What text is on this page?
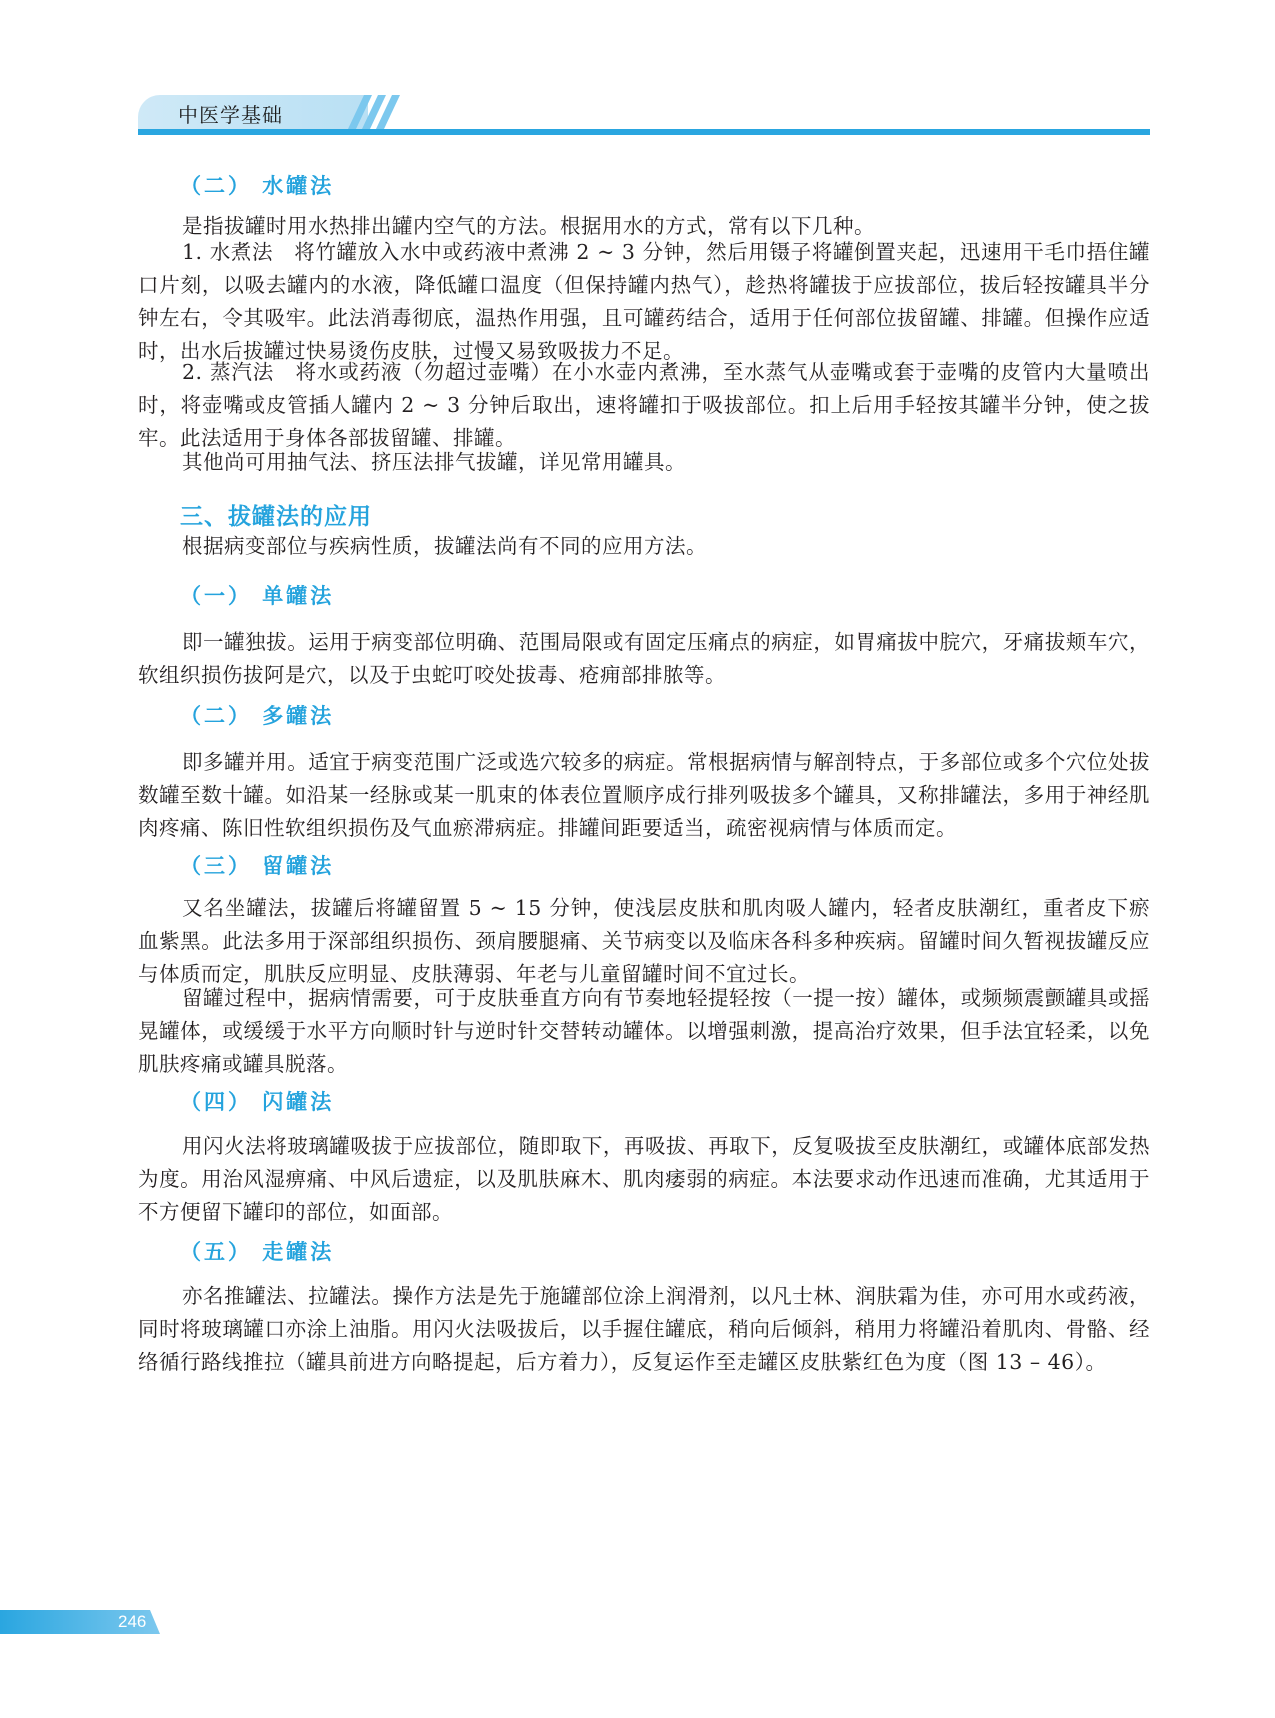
中医学基础
（二） 水罐法

是指拔罐时用水热排出罐内空气的方法。根据用水的方式，常有以下几种。

1. 水煮法　将竹罐放入水中或药液中煮沸 2 ~ 3 分钟，然后用镊子将罐倒置夹起，迅速用干毛巾捂住罐口片刻，以吸去罐内的水液，降低罐口温度（但保持罐内热气），趁热将罐拔于应拔部位，拔后轻按罐具半分钟左右，令其吸牢。此法消毒彻底，温热作用强，且可罐药结合，适用于任何部位拔留罐、排罐。但操作应适时，出水后拔罐过快易烫伤皮肤，过慢又易致吸拔力不足。

2. 蒸汽法　将水或药液（勿超过壶嘴）在小水壶内煮沸，至水蒸气从壶嘴或套于壶嘴的皮管内大量喷出时，将壶嘴或皮管插人罐内 2 ~ 3 分钟后取出，速将罐扣于吸拔部位。扣上后用手轻按其罐半分钟，使之拔牢。此法适用于身体各部拔留罐、排罐。

其他尚可用抽气法、挤压法排气拔罐，详见常用罐具。

三、拔罐法的应用

根据病变部位与疾病性质，拔罐法尚有不同的应用方法。

（一） 单罐法

即一罐独拔。运用于病变部位明确、范围局限或有固定压痛点的病症，如胃痛拔中脘穴，牙痛拔颊车穴，软组织损伤拔阿是穴，以及于虫蛇叮咬处拔毒、疮痈部排脓等。

（二） 多罐法

即多罐并用。适宜于病变范围广泛或选穴较多的病症。常根据病情与解剖特点，于多部位或多个穴位处拔数罐至数十罐。如沿某一经脉或某一肌束的体表位置顺序成行排列吸拔多个罐具，又称排罐法，多用于神经肌肉疼痛、陈旧性软组织损伤及气血瘀滞病症。排罐间距要适当，疏密视病情与体质而定。

（三） 留罐法

又名坐罐法，拔罐后将罐留置 5 ~ 15 分钟，使浅层皮肤和肌肉吸人罐内，轻者皮肤潮红，重者皮下瘀血紫黑。此法多用于深部组织损伤、颈肩腰腿痛、关节病变以及临床各科多种疾病。留罐时间久暂视拔罐反应与体质而定，肌肤反应明显、皮肤薄弱、年老与儿童留罐时间不宜过长。

留罐过程中，据病情需要，可于皮肤垂直方向有节奏地轻提轻按（一提一按）罐体，或频频震颤罐具或摇晃罐体，或缓缓于水平方向顺时针与逆时针交替转动罐体。以增强刺激，提高治疗效果，但手法宜轻柔，以免肌肤疼痛或罐具脱落。

（四） 闪罐法

用闪火法将玻璃罐吸拔于应拔部位，随即取下，再吸拔、再取下，反复吸拔至皮肤潮红，或罐体底部发热为度。用治风湿痹痛、中风后遗症，以及肌肤麻木、肌肉痿弱的病症。本法要求动作迅速而准确，尤其适用于不方便留下罐印的部位，如面部。

（五） 走罐法

亦名推罐法、拉罐法。操作方法是先于施罐部位涂上润滑剂，以凡士林、润肤霜为佳，亦可用水或药液，同时将玻璃罐口亦涂上油脂。用闪火法吸拔后，以手握住罐底，稍向后倾斜，稍用力将罐沿着肌肉、骨骼、经络循行路线推拉（罐具前进方向略提起，后方着力），反复运作至走罐区皮肤紫红色为度（图 13 – 46）。

246
